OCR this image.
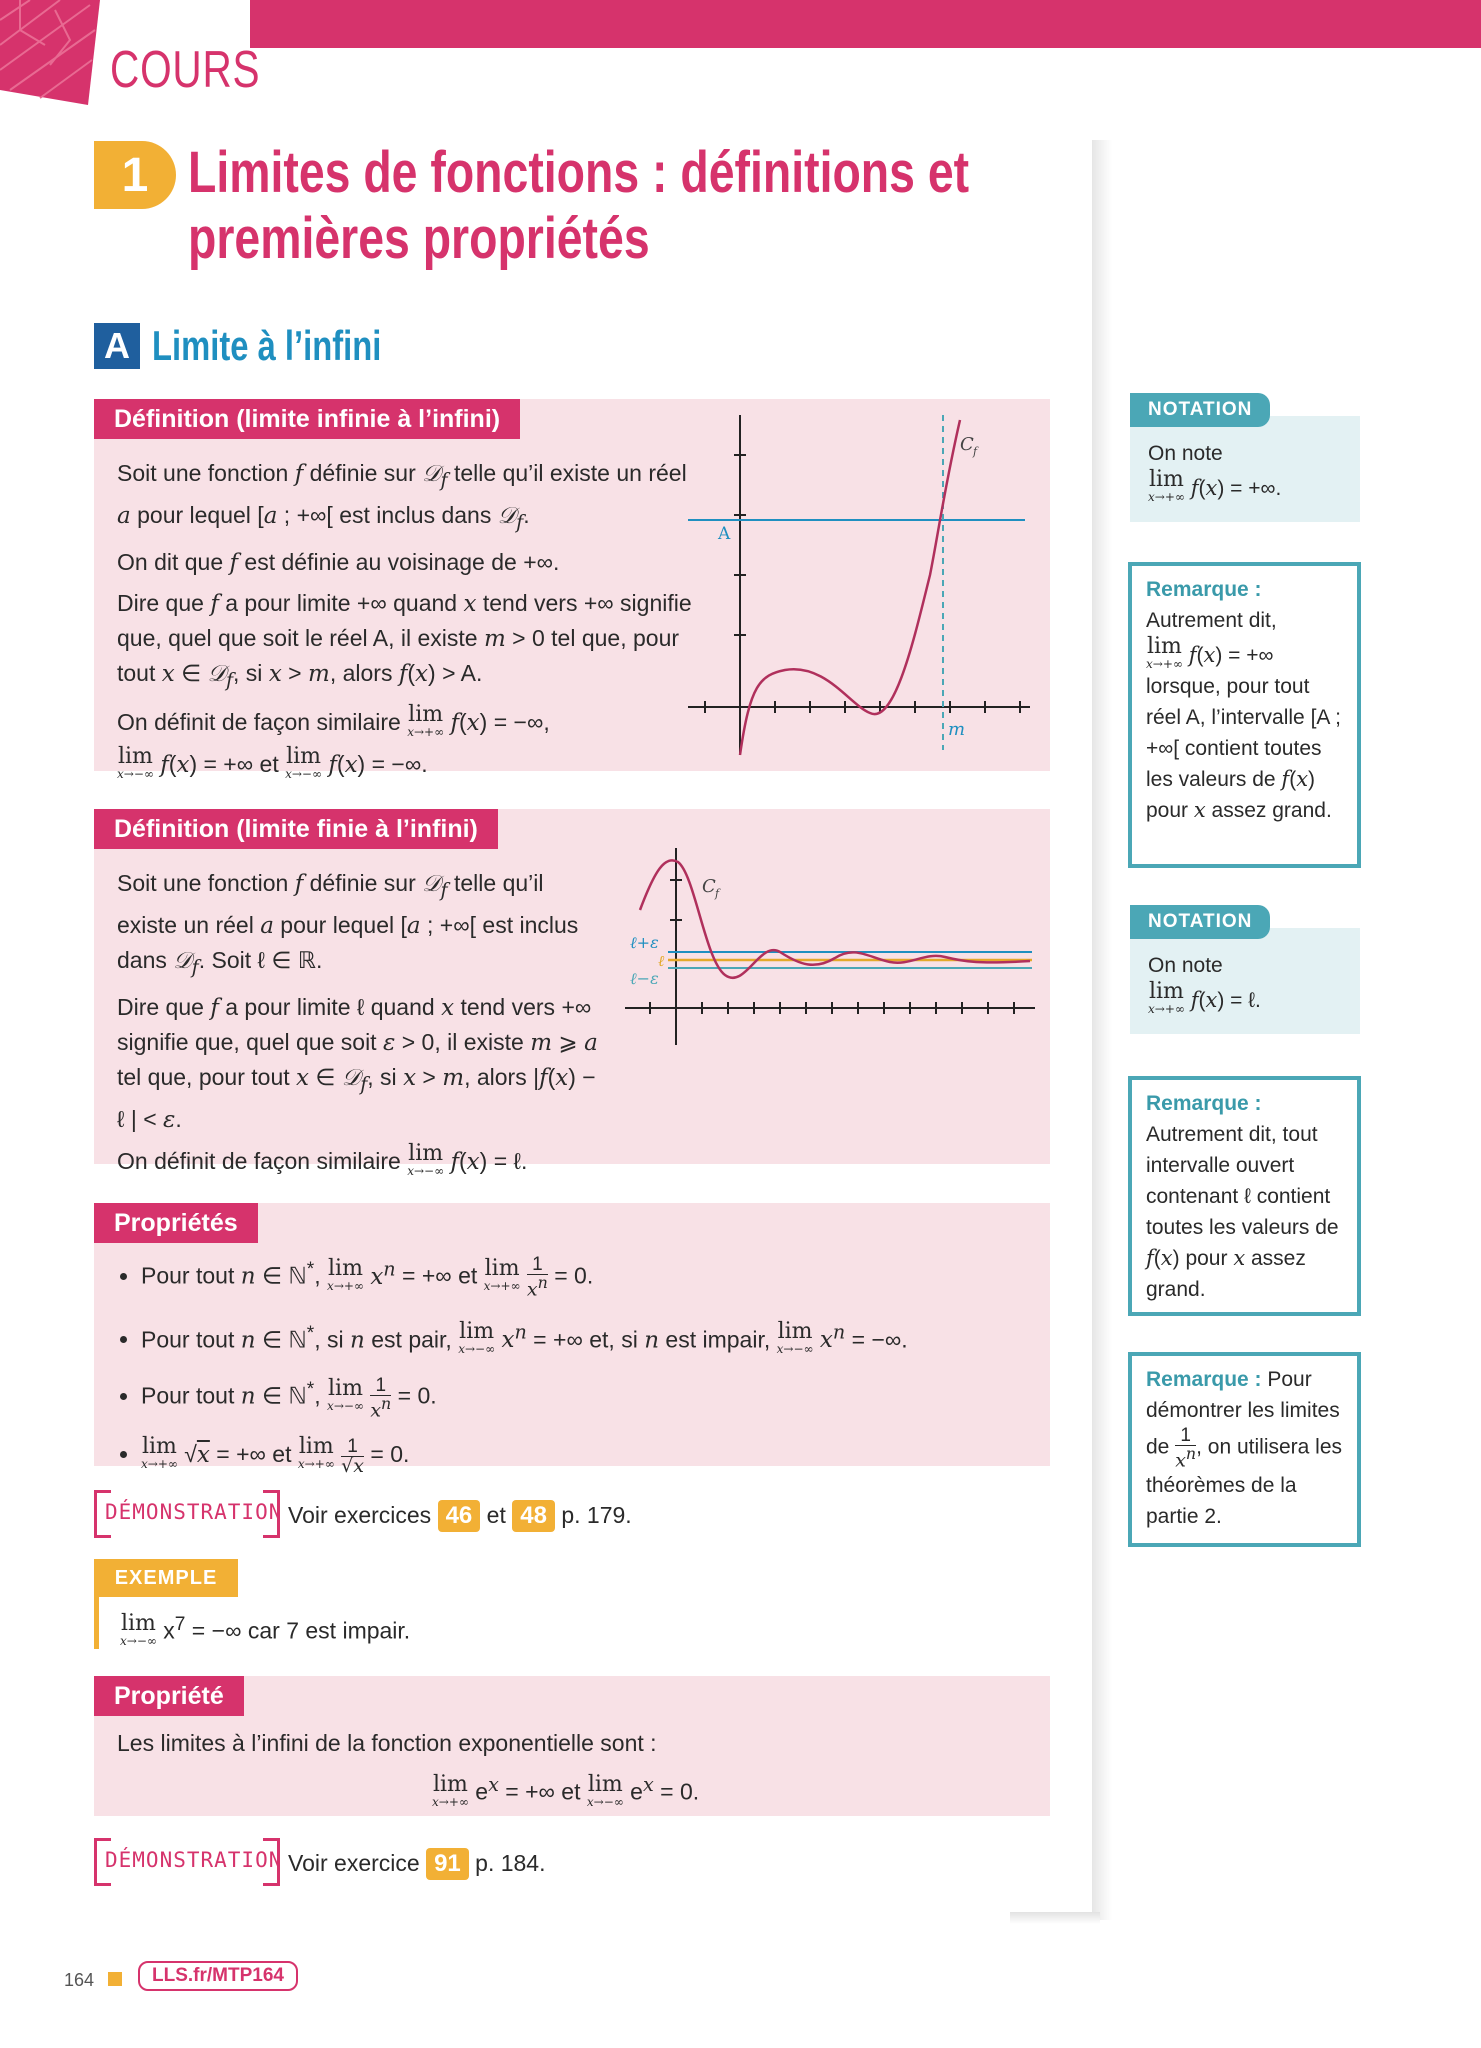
COURS
1 Limites de fonctions : définitions et premières propriétés
A Limite à l’infini
Définition (limite infinie à l’infini)

Soit une fonction f définie sur 𝒟$_f$ telle qu’il existe un réel a pour lequel [a ; +∞[ est inclus dans 𝒟$_f$.

On dit que f est définie au voisinage de +∞.

Dire que f a pour limite +∞ quand x tend vers +∞ signifie que, quel que soit le réel A, il existe m > 0 tel que, pour tout x ∈ 𝒟$_f$, si x > m, alors f(x) > A.

On définit de façon similaire lim
x→+∞ f(x) = −∞,

lim
x→−∞ f(x) = +∞ et lim
x→−∞ f(x) = −∞.

C f
A
m
Définition (limite finie à l’infini)

Soit une fonction f définie sur 𝒟$_f$ telle qu’il existe un réel a pour lequel [a ; +∞[ est inclus dans 𝒟$_f$. Soit ℓ ∈ ℝ.

Dire que f a pour limite ℓ quand x tend vers +∞ signifie que, quel que soit ε > 0, il existe m ⩾ a tel que, pour tout x ∈ 𝒟$_f$, si x > m, alors |f(x) − ℓ | < ε.

On définit de façon similaire lim
x→−∞ f(x) = ℓ.

C f
ℓ+ε
ℓ
ℓ−ε
Propriétés
• Pour tout n ∈ ℕ*, lim
x→+∞ $x^n$ = +∞ et lim
x→+∞
$\frac{1}{x^n} = 0$.
• Pour tout n ∈ ℕ*, si n est pair, lim
x→−∞ $x^n$ = +∞ et, si n est impair, lim
x→−∞ $x^n$ = −∞.
• Pour tout n ∈ ℕ*, lim
x→−∞
$\frac{1}{x^n} = 0$.
• lim
x→+∞ √x = +∞ et lim
x→+∞
$\frac{1}{√x} = 0$.
DÉMONSTRATION Voir exercices 46 et 48 p. 179.
EXEMPLE
lim
x→−∞ $x^7$ = −∞ car 7 est impair.
Propriété
Les limites à l’infini de la fonction exponentielle sont :
lim
x→+∞ $e^x$ = +∞ et lim
x→−∞ $e^x = 0$.
DÉMONSTRATION Voir exercice 91 p. 184.
NOTATION

On note

lim
x→+∞ f(x) = +∞.

Remarque :

Autrement dit,

lim
x→+∞ f(x) = +∞

lorsque, pour tout réel A, l’intervalle [A ; +∞[ contient toutes les valeurs de f(x) pour x assez grand.

NOTATION

On note

lim
x→+∞ f(x) = ℓ.

Remarque :

Autrement dit, tout intervalle ouvert contenant ℓ contient toutes les valeurs de f(x) pour x assez grand.

Remarque : Pour démontrer les limites de $\frac{1}{x^n}$ , on utilisera les théorèmes de la partie 2.

164	LLS.fr/MTP164
